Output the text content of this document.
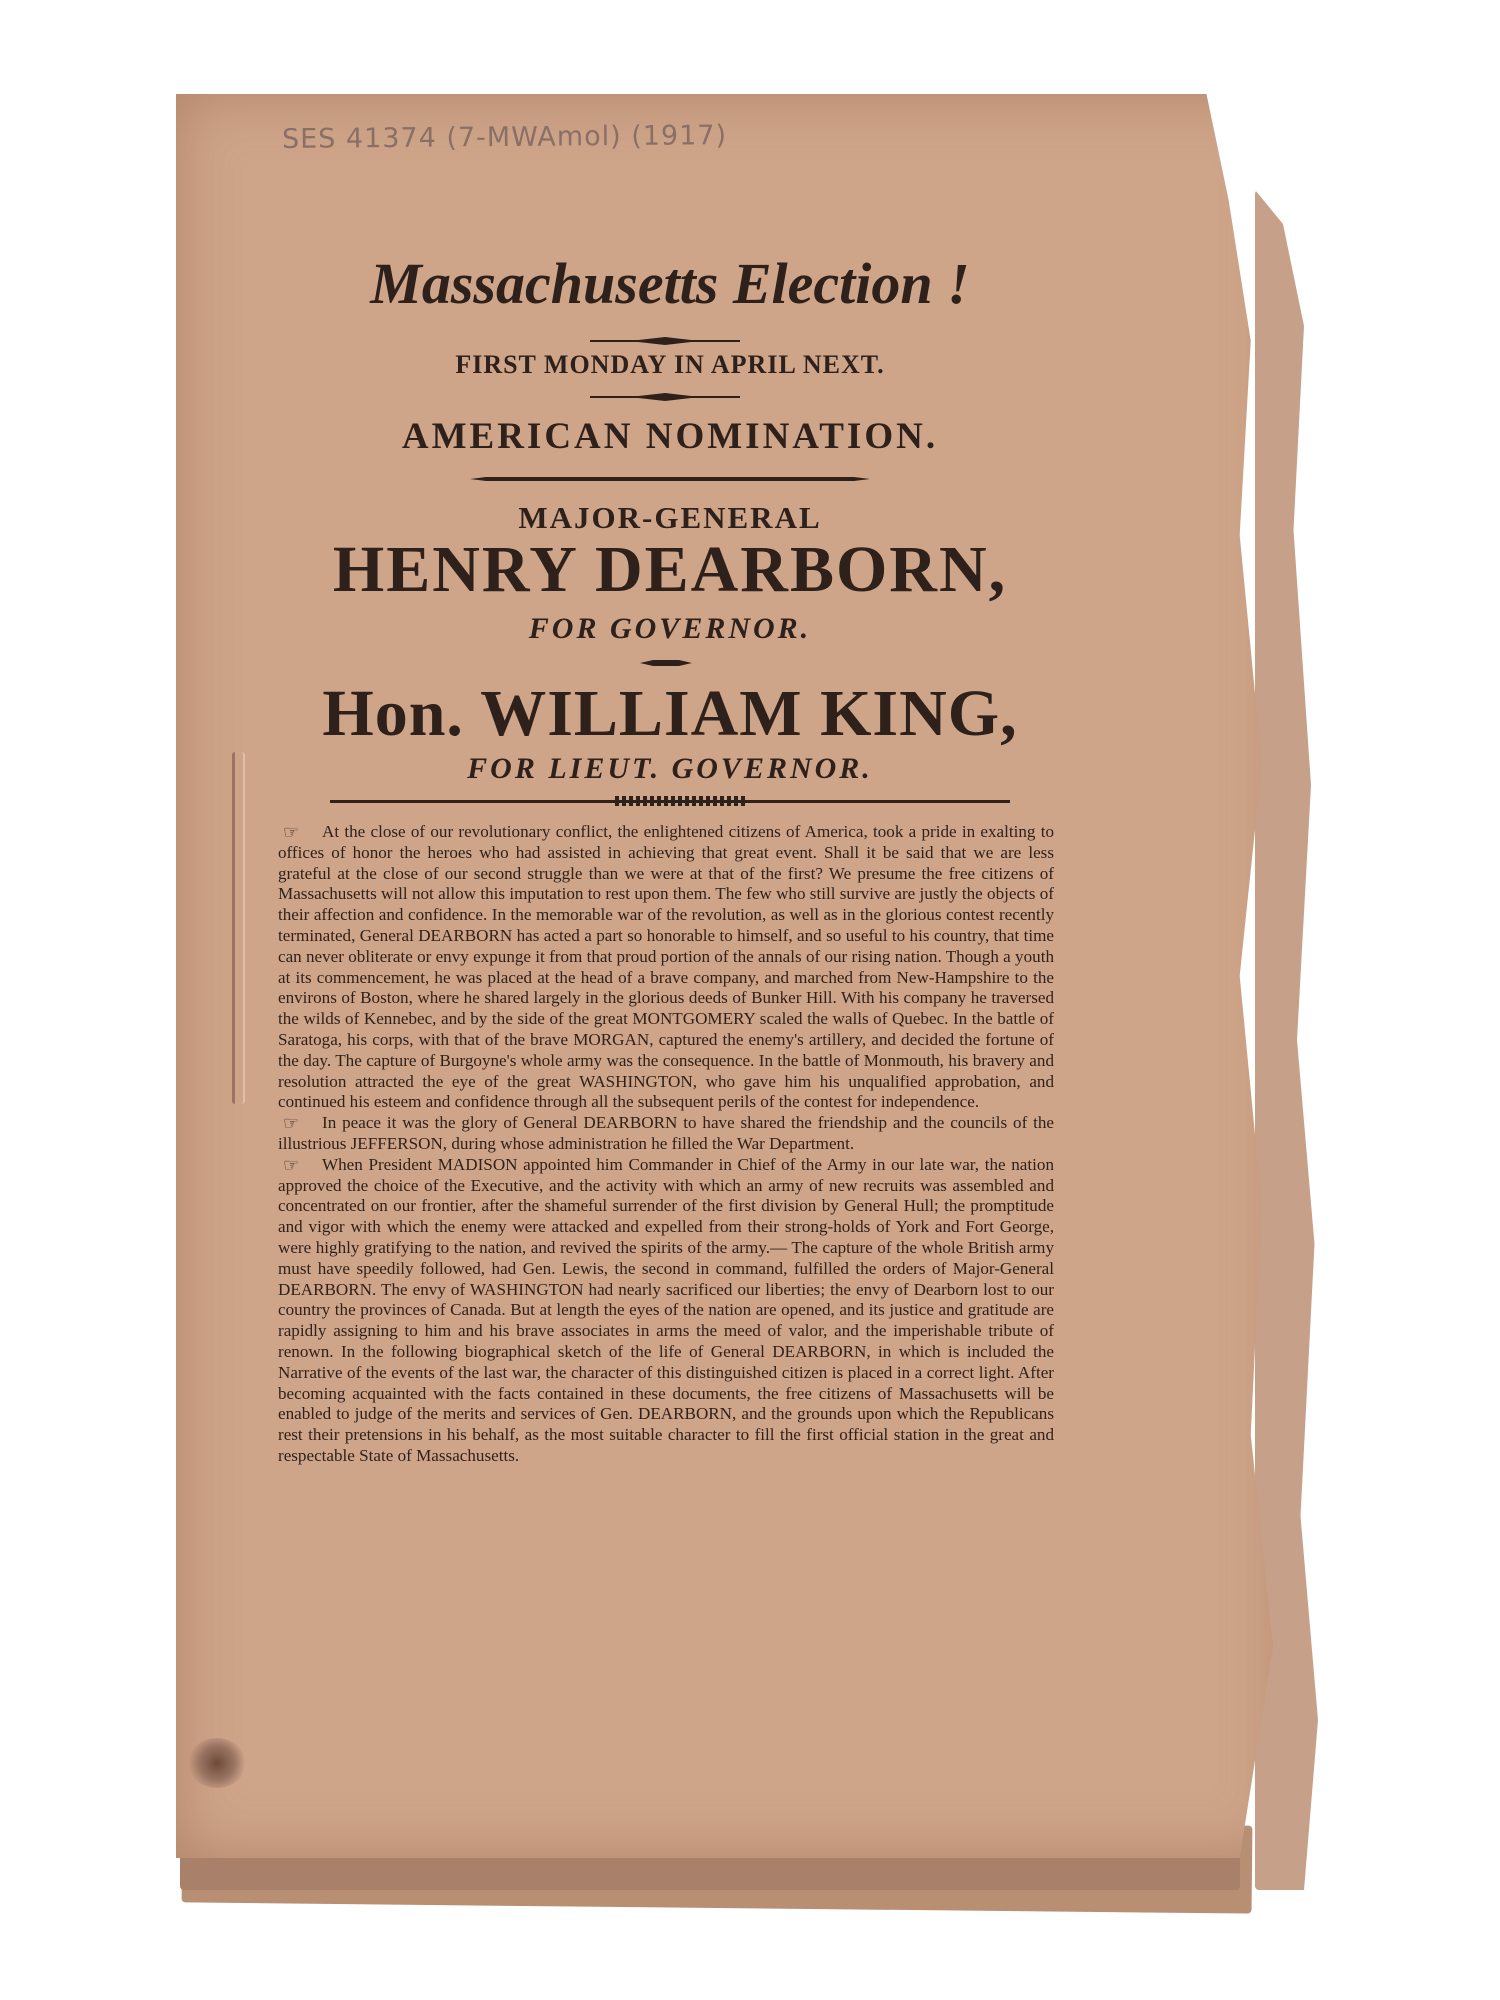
SES 41374 (7-MWAmol) (1917)
Massachusetts Election !
FIRST MONDAY IN APRIL NEXT.
AMERICAN NOMINATION.
MAJOR-GENERAL
HENRY DEARBORN,
FOR GOVERNOR.
Hon. WILLIAM KING,
FOR LIEUT. GOVERNOR.

☞ At the close of our revolutionary conflict, the enlightened citizens of America, took a pride in exalting to offices of honor the heroes who had assisted in achieving that great event. Shall it be said that we are less grateful at the close of our second struggle than we were at that of the first? We presume the free citizens of Massachusetts will not allow this imputation to rest upon them. The few who still survive are justly the objects of their affection and confidence. In the memorable war of the revolution, as well as in the glorious contest recently terminated, General DEARBORN has acted a part so honorable to himself, and so useful to his country, that time can never obliterate or envy expunge it from that proud portion of the annals of our rising nation. Though a youth at its commencement, he was placed at the head of a brave company, and marched from New-Hampshire to the environs of Boston, where he shared largely in the glorious deeds of Bunker Hill. With his company he traversed the wilds of Kennebec, and by the side of the great MONTGOMERY scaled the walls of Quebec. In the battle of Saratoga, his corps, with that of the brave MORGAN, captured the enemy's artillery, and decided the fortune of the day. The capture of Burgoyne's whole army was the consequence. In the battle of Monmouth, his bravery and resolution attracted the eye of the great WASHINGTON, who gave him his unqualified approbation, and continued his esteem and confidence through all the subsequent perils of the contest for independence.

☞ In peace it was the glory of General DEARBORN to have shared the friendship and the councils of the illustrious JEFFERSON, during whose administration he filled the War Department.

☞ When President MADISON appointed him Commander in Chief of the Army in our late war, the nation approved the choice of the Executive, and the activity with which an army of new recruits was assembled and concentrated on our frontier, after the shameful surrender of the first division by General Hull; the promptitude and vigor with which the enemy were attacked and expelled from their strong-holds of York and Fort George, were highly gratifying to the nation, and revived the spirits of the army.— The capture of the whole British army must have speedily followed, had Gen. Lewis, the second in command, fulfilled the orders of Major-General DEARBORN. The envy of WASHINGTON had nearly sacrificed our liberties; the envy of Dearborn lost to our country the provinces of Canada. But at length the eyes of the nation are opened, and its justice and gratitude are rapidly assigning to him and his brave associates in arms the meed of valor, and the imperishable tribute of renown. In the following biographical sketch of the life of General DEARBORN, in which is included the Narrative of the events of the last war, the character of this distinguished citizen is placed in a correct light. After becoming acquainted with the facts contained in these documents, the free citizens of Massachusetts will be enabled to judge of the merits and services of Gen. DEARBORN, and the grounds upon which the Republicans rest their pretensions in his behalf, as the most suitable character to fill the first official station in the great and respectable State of Massachusetts.
